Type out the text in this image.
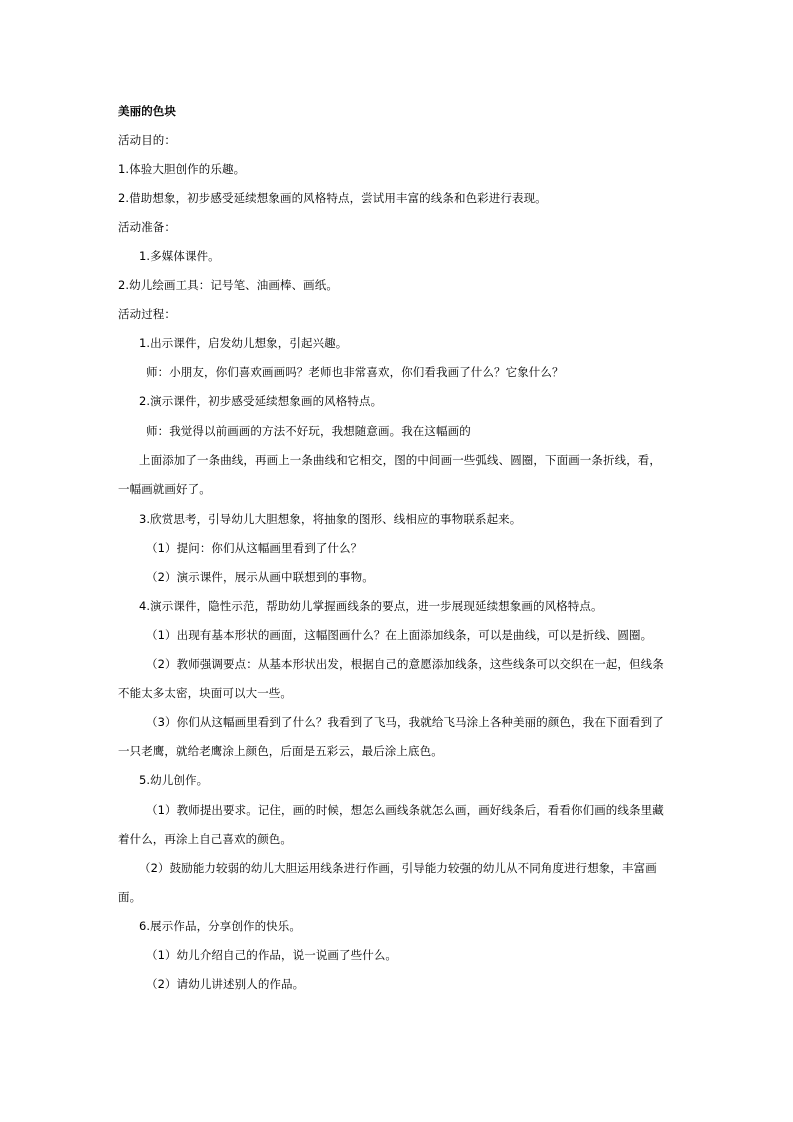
美丽的色块
活动目的：
1.体验大胆创作的乐趣。
2.借助想象，初步感受延续想象画的风格特点，尝试用丰富的线条和色彩进行表现。
活动准备：
1.多媒体课件。
2.幼儿绘画工具：记号笔、油画棒、画纸。
活动过程：
1.出示课件，启发幼儿想象，引起兴趣。
师：小朋友，你们喜欢画画吗？老师也非常喜欢，你们看我画了什么？它象什么？
2.演示课件，初步感受延续想象画的风格特点。
师：我觉得以前画画的方法不好玩，我想随意画。我在这幅画的
上面添加了一条曲线，再画上一条曲线和它相交，图的中间画一些弧线、圆圈，下面画一条折线，看，
一幅画就画好了。
3.欣赏思考，引导幼儿大胆想象，将抽象的图形、线相应的事物联系起来。
（1）提问：你们从这幅画里看到了什么？
（2）演示课件，展示从画中联想到的事物。
4.演示课件，隐性示范，帮助幼儿掌握画线条的要点，进一步展现延续想象画的风格特点。
（1）出现有基本形状的画面，这幅图画什么？在上面添加线条，可以是曲线，可以是折线、圆圈。
（2）教师强调要点：从基本形状出发，根据自己的意愿添加线条，这些线条可以交织在一起，但线条
不能太多太密，块面可以大一些。
（3）你们从这幅画里看到了什么？我看到了飞马，我就给飞马涂上各种美丽的颜色，我在下面看到了
一只老鹰，就给老鹰涂上颜色，后面是五彩云，最后涂上底色。
5.幼儿创作。
（1）教师提出要求。记住，画的时候，想怎么画线条就怎么画，画好线条后，看看你们画的线条里藏
着什么，再涂上自己喜欢的颜色。
（2）鼓励能力较弱的幼儿大胆运用线条进行作画，引导能力较强的幼儿从不同角度进行想象，丰富画
面。
6.展示作品，分享创作的快乐。
（1）幼儿介绍自己的作品，说一说画了些什么。
（2）请幼儿讲述别人的作品。
